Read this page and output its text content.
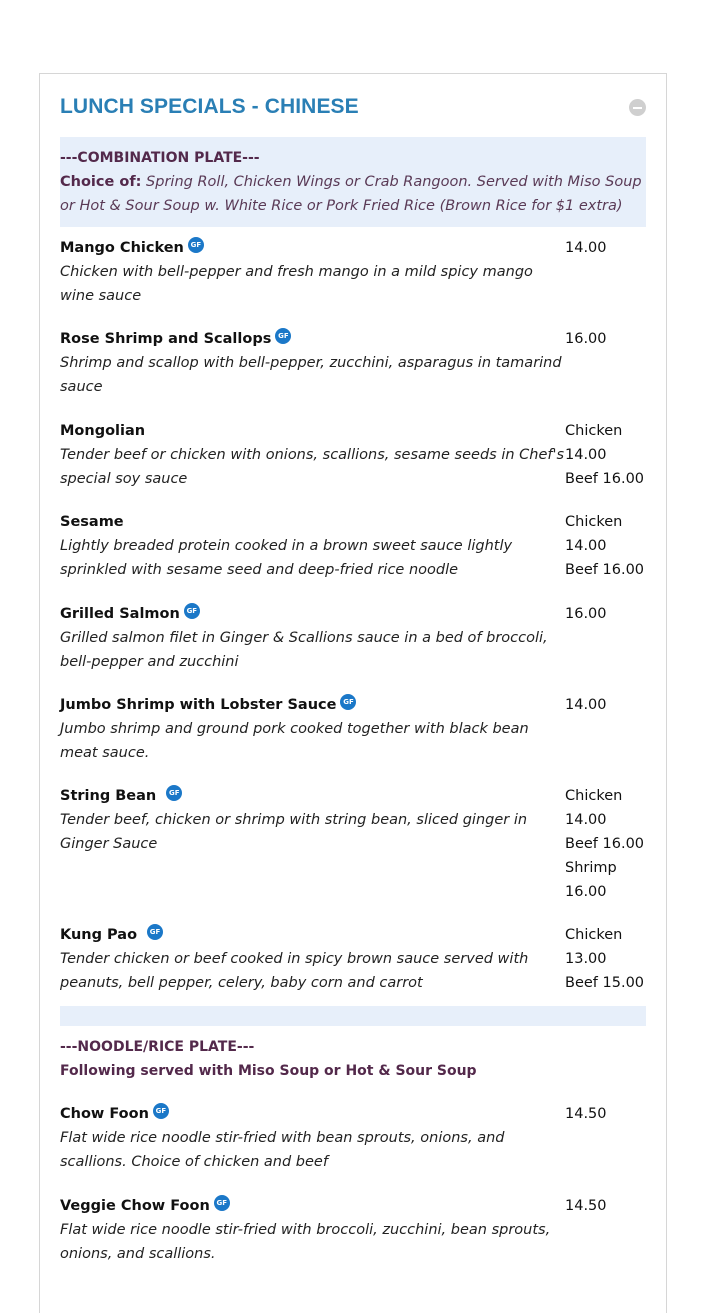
LUNCH SPECIALS - CHINESE
---COMBINATION PLATE---
Choice of: Spring Roll, Chicken Wings or Crab Rangoon. Served with Miso Soup or Hot & Sour Soup w. White Rice or Pork Fried Rice (Brown Rice for $1 extra)
Mango Chicken GF
Chicken with bell-pepper and fresh mango in a mild spicy mango wine sauce
14.00
Rose Shrimp and Scallops GF
Shrimp and scallop with bell-pepper, zucchini, asparagus in tamarind sauce
16.00
Mongolian
Tender beef or chicken with onions, scallions, sesame seeds in Chef's special soy sauce
Chicken
14.00
Beef 16.00
Sesame
Lightly breaded protein cooked in a brown sweet sauce lightly sprinkled with sesame seed and deep-fried rice noodle
Chicken
14.00
Beef 16.00
Grilled Salmon GF
Grilled salmon filet in Ginger & Scallions sauce in a bed of broccoli, bell-pepper and zucchini
16.00
Jumbo Shrimp with Lobster Sauce GF
Jumbo shrimp and ground pork cooked together with black bean meat sauce.
14.00
String Bean GF
Tender beef, chicken or shrimp with string bean, sliced ginger in Ginger Sauce
Chicken
14.00
Beef 16.00
Shrimp
16.00
Kung Pao GF
Tender chicken or beef cooked in spicy brown sauce served with peanuts, bell pepper, celery, baby corn and carrot
Chicken
13.00
Beef 15.00
---NOODLE/RICE PLATE---
Following served with Miso Soup or Hot & Sour Soup
Chow Foon GF
Flat wide rice noodle stir-fried with bean sprouts, onions, and scallions. Choice of chicken and beef
14.50
Veggie Chow Foon GF
Flat wide rice noodle stir-fried with broccoli, zucchini, bean sprouts, onions, and scallions.
14.50
